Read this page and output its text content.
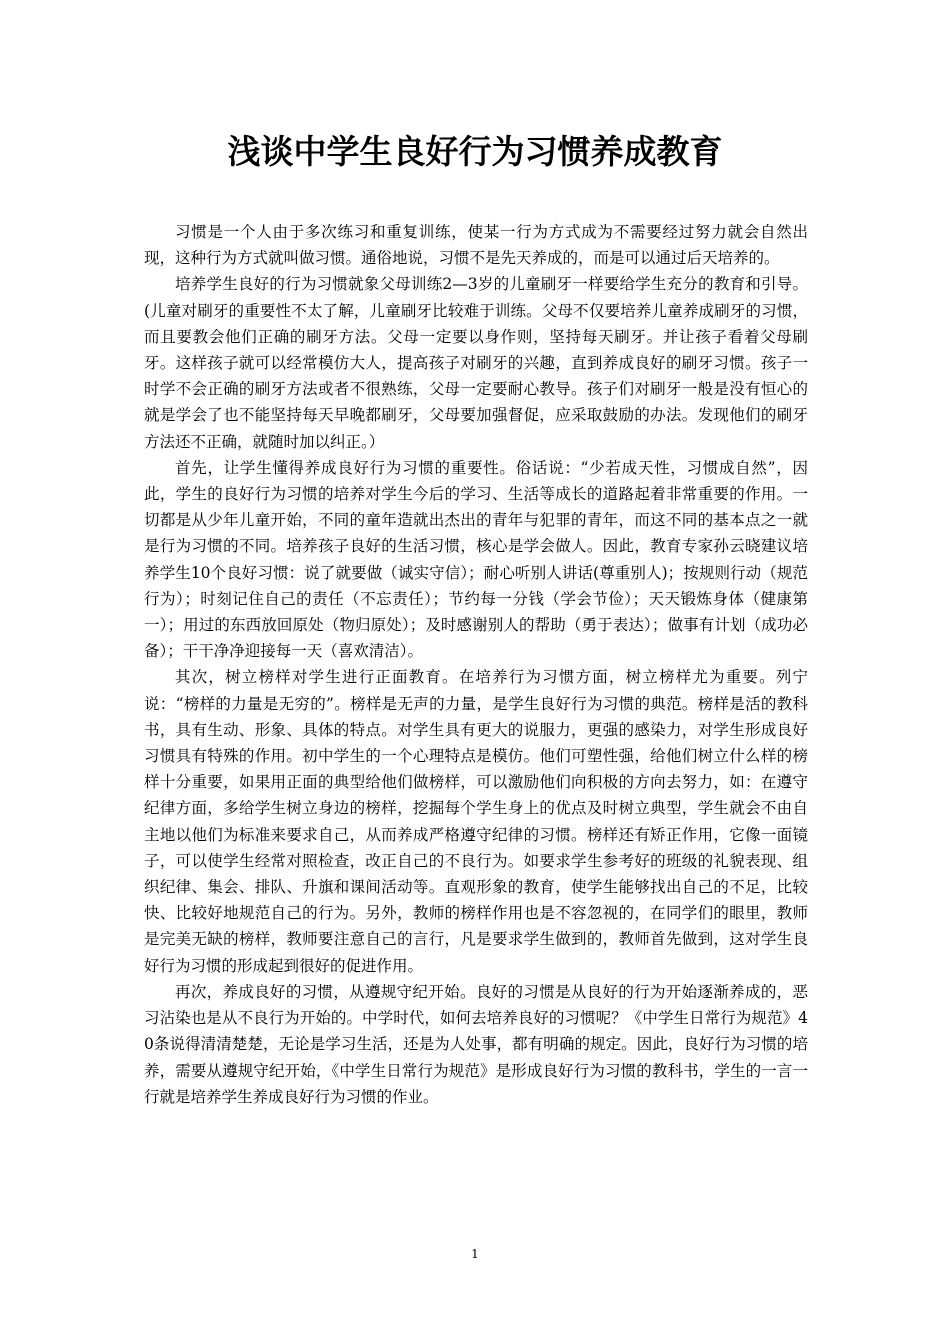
浅谈中学生良好行为习惯养成教育

习惯是一个人由于多次练习和重复训练，使某一行为方式成为不需要经过努力就会自然出现，这种行为方式就叫做习惯。通俗地说，习惯不是先天养成的，而是可以通过后天培养的。

培养学生良好的行为习惯就象父母训练2—3岁的儿童刷牙一样要给学生充分的教育和引导。(儿童对刷牙的重要性不太了解，儿童刷牙比较难于训练。父母不仅要培养儿童养成刷牙的习惯，而且要教会他们正确的刷牙方法。父母一定要以身作则，坚持每天刷牙。并让孩子看着父母刷牙。这样孩子就可以经常模仿大人，提高孩子对刷牙的兴趣，直到养成良好的刷牙习惯。孩子一时学不会正确的刷牙方法或者不很熟练，父母一定要耐心教导。孩子们对刷牙一般是没有恒心的就是学会了也不能坚持每天早晚都刷牙，父母要加强督促，应采取鼓励的办法。发现他们的刷牙方法还不正确，就随时加以纠正。）

首先，让学生懂得养成良好行为习惯的重要性。俗话说：“少若成天性，习惯成自然”，因此，学生的良好行为习惯的培养对学生今后的学习、生活等成长的道路起着非常重要的作用。一切都是从少年儿童开始，不同的童年造就出杰出的青年与犯罪的青年，而这不同的基本点之一就是行为习惯的不同。培养孩子良好的生活习惯，核心是学会做人。因此，教育专家孙云晓建议培养学生10个良好习惯：说了就要做（诚实守信）；耐心听别人讲话(尊重别人)；按规则行动（规范行为）；时刻记住自己的责任（不忘责任）；节约每一分钱（学会节俭）；天天锻炼身体（健康第一）；用过的东西放回原处（物归原处）；及时感谢别人的帮助（勇于表达）；做事有计划（成功必备）；干干净净迎接每一天（喜欢清洁）。

其次，树立榜样对学生进行正面教育。在培养行为习惯方面，树立榜样尤为重要。列宁说：“榜样的力量是无穷的”。榜样是无声的力量，是学生良好行为习惯的典范。榜样是活的教科书，具有生动、形象、具体的特点。对学生具有更大的说服力，更强的感染力，对学生形成良好习惯具有特殊的作用。初中学生的一个心理特点是模仿。他们可塑性强，给他们树立什么样的榜样十分重要，如果用正面的典型给他们做榜样，可以激励他们向积极的方向去努力，如：在遵守纪律方面，多给学生树立身边的榜样，挖掘每个学生身上的优点及时树立典型，学生就会不由自主地以他们为标准来要求自己，从而养成严格遵守纪律的习惯。榜样还有矫正作用，它像一面镜子，可以使学生经常对照检查，改正自己的不良行为。如要求学生参考好的班级的礼貌表现、组织纪律、集会、排队、升旗和课间活动等。直观形象的教育，使学生能够找出自己的不足，比较快、比较好地规范自己的行为。另外，教师的榜样作用也是不容忽视的，在同学们的眼里，教师是完美无缺的榜样，教师要注意自己的言行，凡是要求学生做到的，教师首先做到，这对学生良好行为习惯的形成起到很好的促进作用。

再次，养成良好的习惯，从遵规守纪开始。良好的习惯是从良好的行为开始逐渐养成的，恶习沾染也是从不良行为开始的。中学时代，如何去培养良好的习惯呢？《中学生日常行为规范》40条说得清清楚楚，无论是学习生活，还是为人处事，都有明确的规定。因此，良好行为习惯的培养，需要从遵规守纪开始，《中学生日常行为规范》是形成良好行为习惯的教科书，学生的一言一行就是培养学生养成良好行为习惯的作业。

1
